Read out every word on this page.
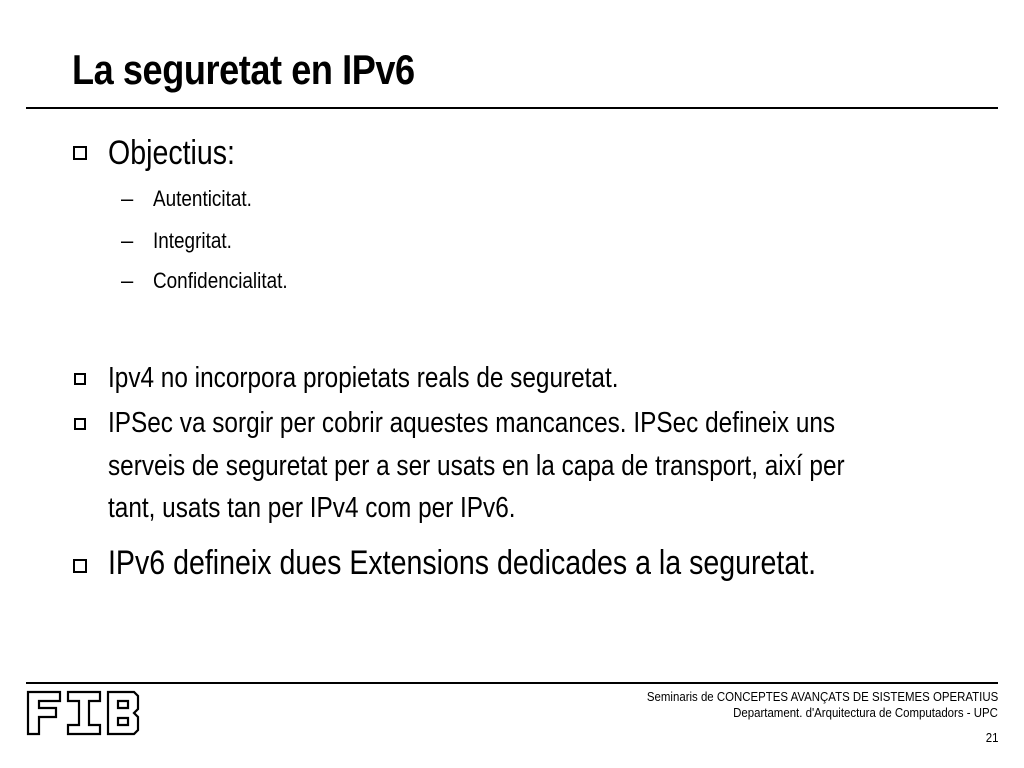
La seguretat en IPv6
Objectius:
– Autenticitat.
– Integritat.
– Confidencialitat.
Ipv4 no incorpora propietats reals de seguretat.
IPSec va sorgir per cobrir aquestes mancances. IPSec defineix uns
serveis de seguretat per a ser usats en la capa de transport, així per
tant, usats tan per IPv4 com per IPv6.
IPv6 defineix dues Extensions dedicades a la seguretat.
Seminaris de CONCEPTES AVANÇATS DE SISTEMES OPERATIUS
Departament. d'Arquitectura de Computadors - UPC
21
